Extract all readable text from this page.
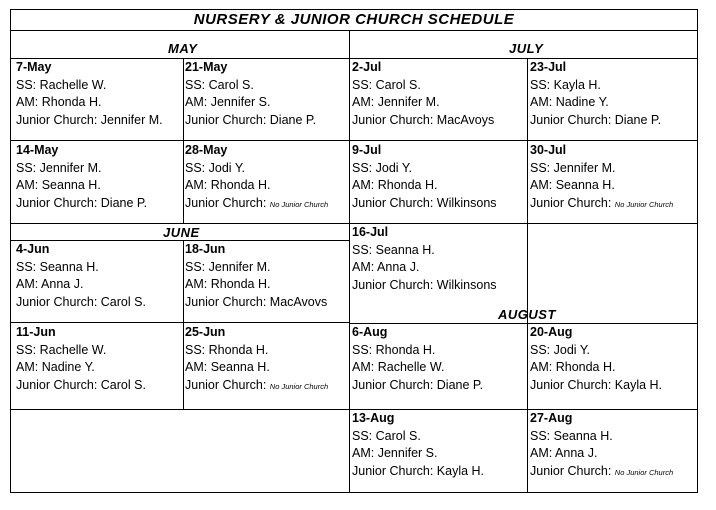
NURSERY & JUNIOR CHURCH SCHEDULE
MAY	JULY
JUNE
AUGUST
7-May
SS: Rachelle W.
AM: Rhonda H.
Junior Church: Jennifer M.
21-May
SS: Carol S.
AM: Jennifer S.
Junior Church: Diane P.
14-May
SS: Jennifer M.
AM: Seanna H.
Junior Church: Diane P.
28-May
SS: Jodi Y.
AM: Rhonda H.
Junior Church: No Junior Church
4-Jun
SS: Seanna H.
AM: Anna J.
Junior Church: Carol S.
18-Jun
SS: Jennifer M.
AM: Rhonda H.
Junior Church: MacAvovs
11-Jun
SS: Rachelle W.
AM: Nadine Y.
Junior Church: Carol S.
25-Jun
SS: Rhonda H.
AM: Seanna H.
Junior Church: No Junior Church
2-Jul
SS: Carol S.
AM: Jennifer M.
Junior Church: MacAvoys
23-Jul
SS: Kayla H.
AM: Nadine Y.
Junior Church: Diane P.
9-Jul
SS: Jodi Y.
AM: Rhonda H.
Junior Church: Wilkinsons
30-Jul
SS: Jennifer M.
AM: Seanna H.
Junior Church: No Junior Church
16-Jul
SS: Seanna H.
AM: Anna J.
Junior Church: Wilkinsons
6-Aug
SS: Rhonda H.
AM: Rachelle W.
Junior Church: Diane P.
20-Aug
SS: Jodi Y.
AM: Rhonda H.
Junior Church: Kayla H.
13-Aug
SS: Carol S.
AM: Jennifer S.
Junior Church: Kayla H.
27-Aug
SS: Seanna H.
AM: Anna J.
Junior Church: No Junior Church
